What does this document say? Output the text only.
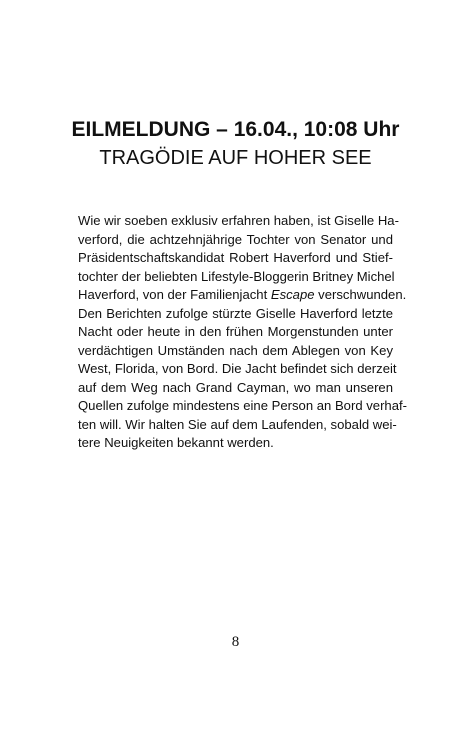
EILMELDUNG – 16.04., 10:08 Uhr
TRAGÖDIE AUF HOHER SEE
Wie wir soeben exklusiv erfahren haben, ist Giselle Ha-
verford, die achtzehnjährige Tochter von Senator und
Präsidentschaftskandidat Robert Haverford und Stief-
tochter der beliebten Lifestyle-Bloggerin Britney Michel
Haverford, von der Familienjacht Escape verschwunden.
Den Berichten zufolge stürzte Giselle Haverford letzte
Nacht oder heute in den frühen Morgenstunden unter
verdächtigen Umständen nach dem Ablegen von Key
West, Florida, von Bord. Die Jacht befindet sich derzeit
auf dem Weg nach Grand Cayman, wo man unseren
Quellen zufolge mindestens eine Person an Bord verhaf-
ten will. Wir halten Sie auf dem Laufenden, sobald wei-
tere Neuigkeiten bekannt werden.
8
